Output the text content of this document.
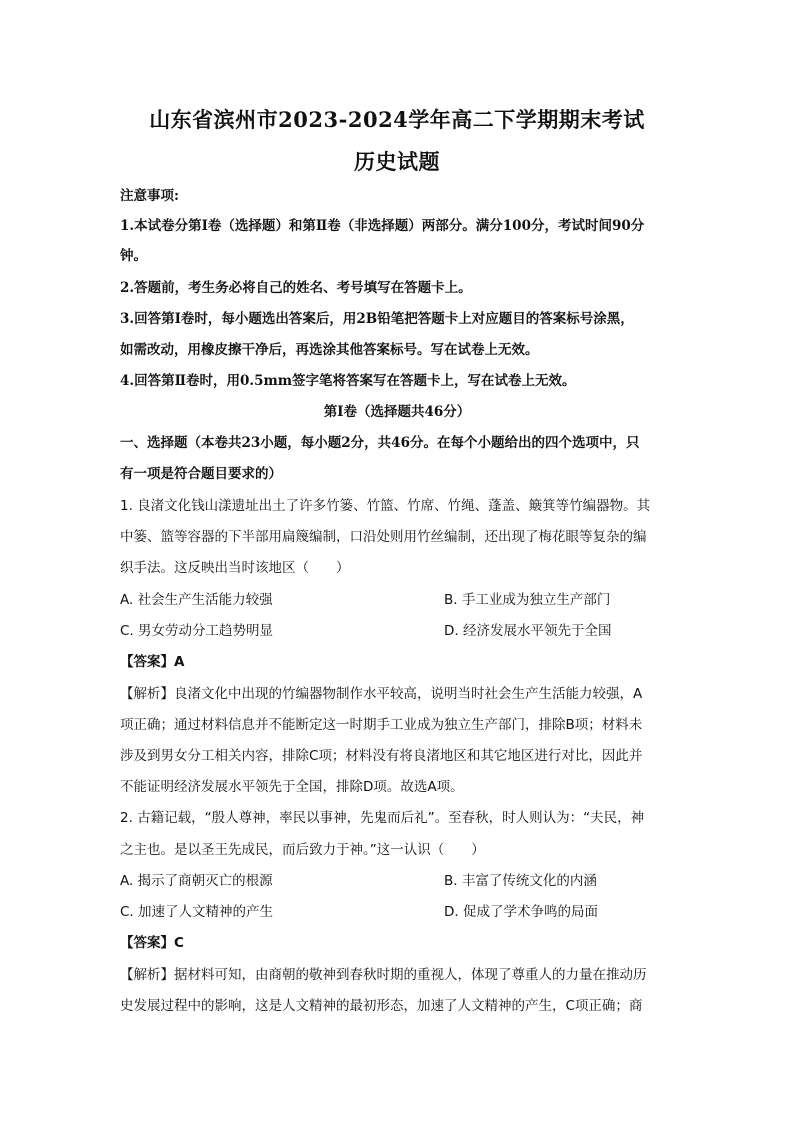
山东省滨州市2023-2024学年高二下学期期末考试
历史试题
注意事项:
1.本试卷分第Ⅰ卷（选择题）和第Ⅱ卷（非选择题）两部分。满分100分，考试时间90分
钟。
2.答题前，考生务必将自己的姓名、考号填写在答题卡上。
3.回答第Ⅰ卷时，每小题选出答案后，用2B铅笔把答题卡上对应题目的答案标号涂黑，
如需改动，用橡皮擦干净后，再选涂其他答案标号。写在试卷上无效。
4.回答第Ⅱ卷时，用0.5mm签字笔将答案写在答题卡上，写在试卷上无效。
第Ⅰ卷（选择题共46分）
一、选择题（本卷共23小题，每小题2分，共46分。在每个小题给出的四个选项中，只
有一项是符合题目要求的）
1. 良渚文化钱山漾遗址出土了许多竹篓、竹篮、竹席、竹绳、蓬盖、簸箕等竹编器物。其
中篓、篮等容器的下半部用扁篾编制，口沿处则用竹丝编制，还出现了梅花眼等复杂的编
织手法。这反映出当时该地区（　　）
A. 社会生产生活能力较强	B. 手工业成为独立生产部门
C. 男女劳动分工趋势明显	D. 经济发展水平领先于全国
【答案】A
【解析】良渚文化中出现的竹编器物制作水平较高，说明当时社会生产生活能力较强，A
项正确；通过材料信息并不能断定这一时期手工业成为独立生产部门，排除B项；材料未
涉及到男女分工相关内容，排除C项；材料没有将良渚地区和其它地区进行对比，因此并
不能证明经济发展水平领先于全国，排除D项。故选A项。
2. 古籍记载，“殷人尊神，率民以事神，先鬼而后礼”。至春秋，时人则认为：“夫民，神
之主也。是以圣王先成民，而后致力于神。”这一认识（　　）
A. 揭示了商朝灭亡的根源	B. 丰富了传统文化的内涵
C. 加速了人文精神的产生	D. 促成了学术争鸣的局面
【答案】C
【解析】据材料可知，由商朝的敬神到春秋时期的重视人，体现了尊重人的力量在推动历
史发展过程中的影响，这是人文精神的最初形态，加速了人文精神的产生，C项正确；商
